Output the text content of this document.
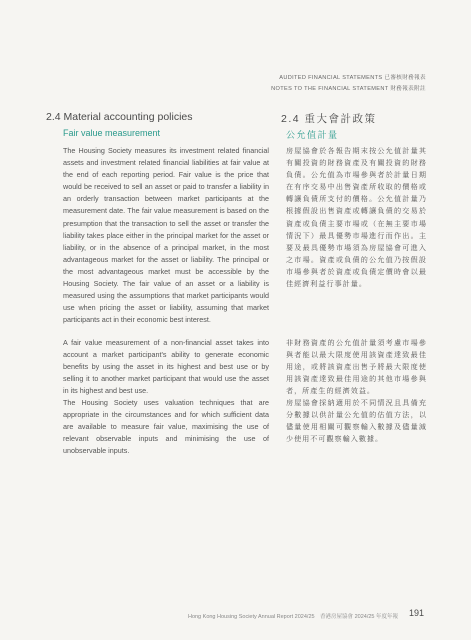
AUDITED FINANCIAL STATEMENTS 已審核財務報表
NOTES TO THE FINANCIAL STATEMENT 財務報表附註
2.4 Material accounting policies	2.4 重大會計政策
Fair value measurement	公允值計量
The Housing Society measures its investment related financial assets and investment related financial liabilities at fair value at the end of each reporting period. Fair value is the price that would be received to sell an asset or paid to transfer a liability in an orderly transaction between market participants at the measurement date. The fair value measurement is based on the presumption that the transaction to sell the asset or transfer the liability takes place either in the principal market for the asset or liability, or in the absence of a principal market, in the most advantageous market for the asset or liability. The principal or the most advantageous market must be accessible by the Housing Society. The fair value of an asset or a liability is measured using the assumptions that market participants would use when pricing the asset or liability, assuming that market participants act in their economic best interest.
A fair value measurement of a non-financial asset takes into account a market participant's ability to generate economic benefits by using the asset in its highest and best use or by selling it to another market participant that would use the asset in its highest and best use.
The Housing Society uses valuation techniques that are appropriate in the circumstances and for which sufficient data are available to measure fair value, maximising the use of relevant observable inputs and minimising the use of unobservable inputs.
房屋協會於各報告期末按公允值計量其有關投資的財務資產及有關投資的財務負債。公允值為市場參與者於計量日期在有序交易中出售資產所收取的價格或轉讓負債所支付的價格。公允值計量乃根據假設出售資產或轉讓負債的交易於資產或負債主要市場或（在無主要市場情況下）最具優勢市場進行而作出。主要及最具優勢市場須為房屋協會可進入之市場。資產或負債的公允值乃按假設市場參與者於資產或負債定價時會以最佳經濟利益行事計量。
非財務資產的公允值計量須考慮市場參與者能以最大限度使用該資產達致最佳用途，或將該資產出售予將最大限度使用該資產達致最佳用途的其他市場參與者，所產生的經濟效益。
房屋協會採納適用於不同情況且具備充分數據以供計量公允值的估值方法，以儘量使用相關可觀察輸入數據及儘量減少使用不可觀察輸入數據。
Hong Kong Housing Society Annual Report 2024/25　香港房屋協會 2024/25 年度年報 191
